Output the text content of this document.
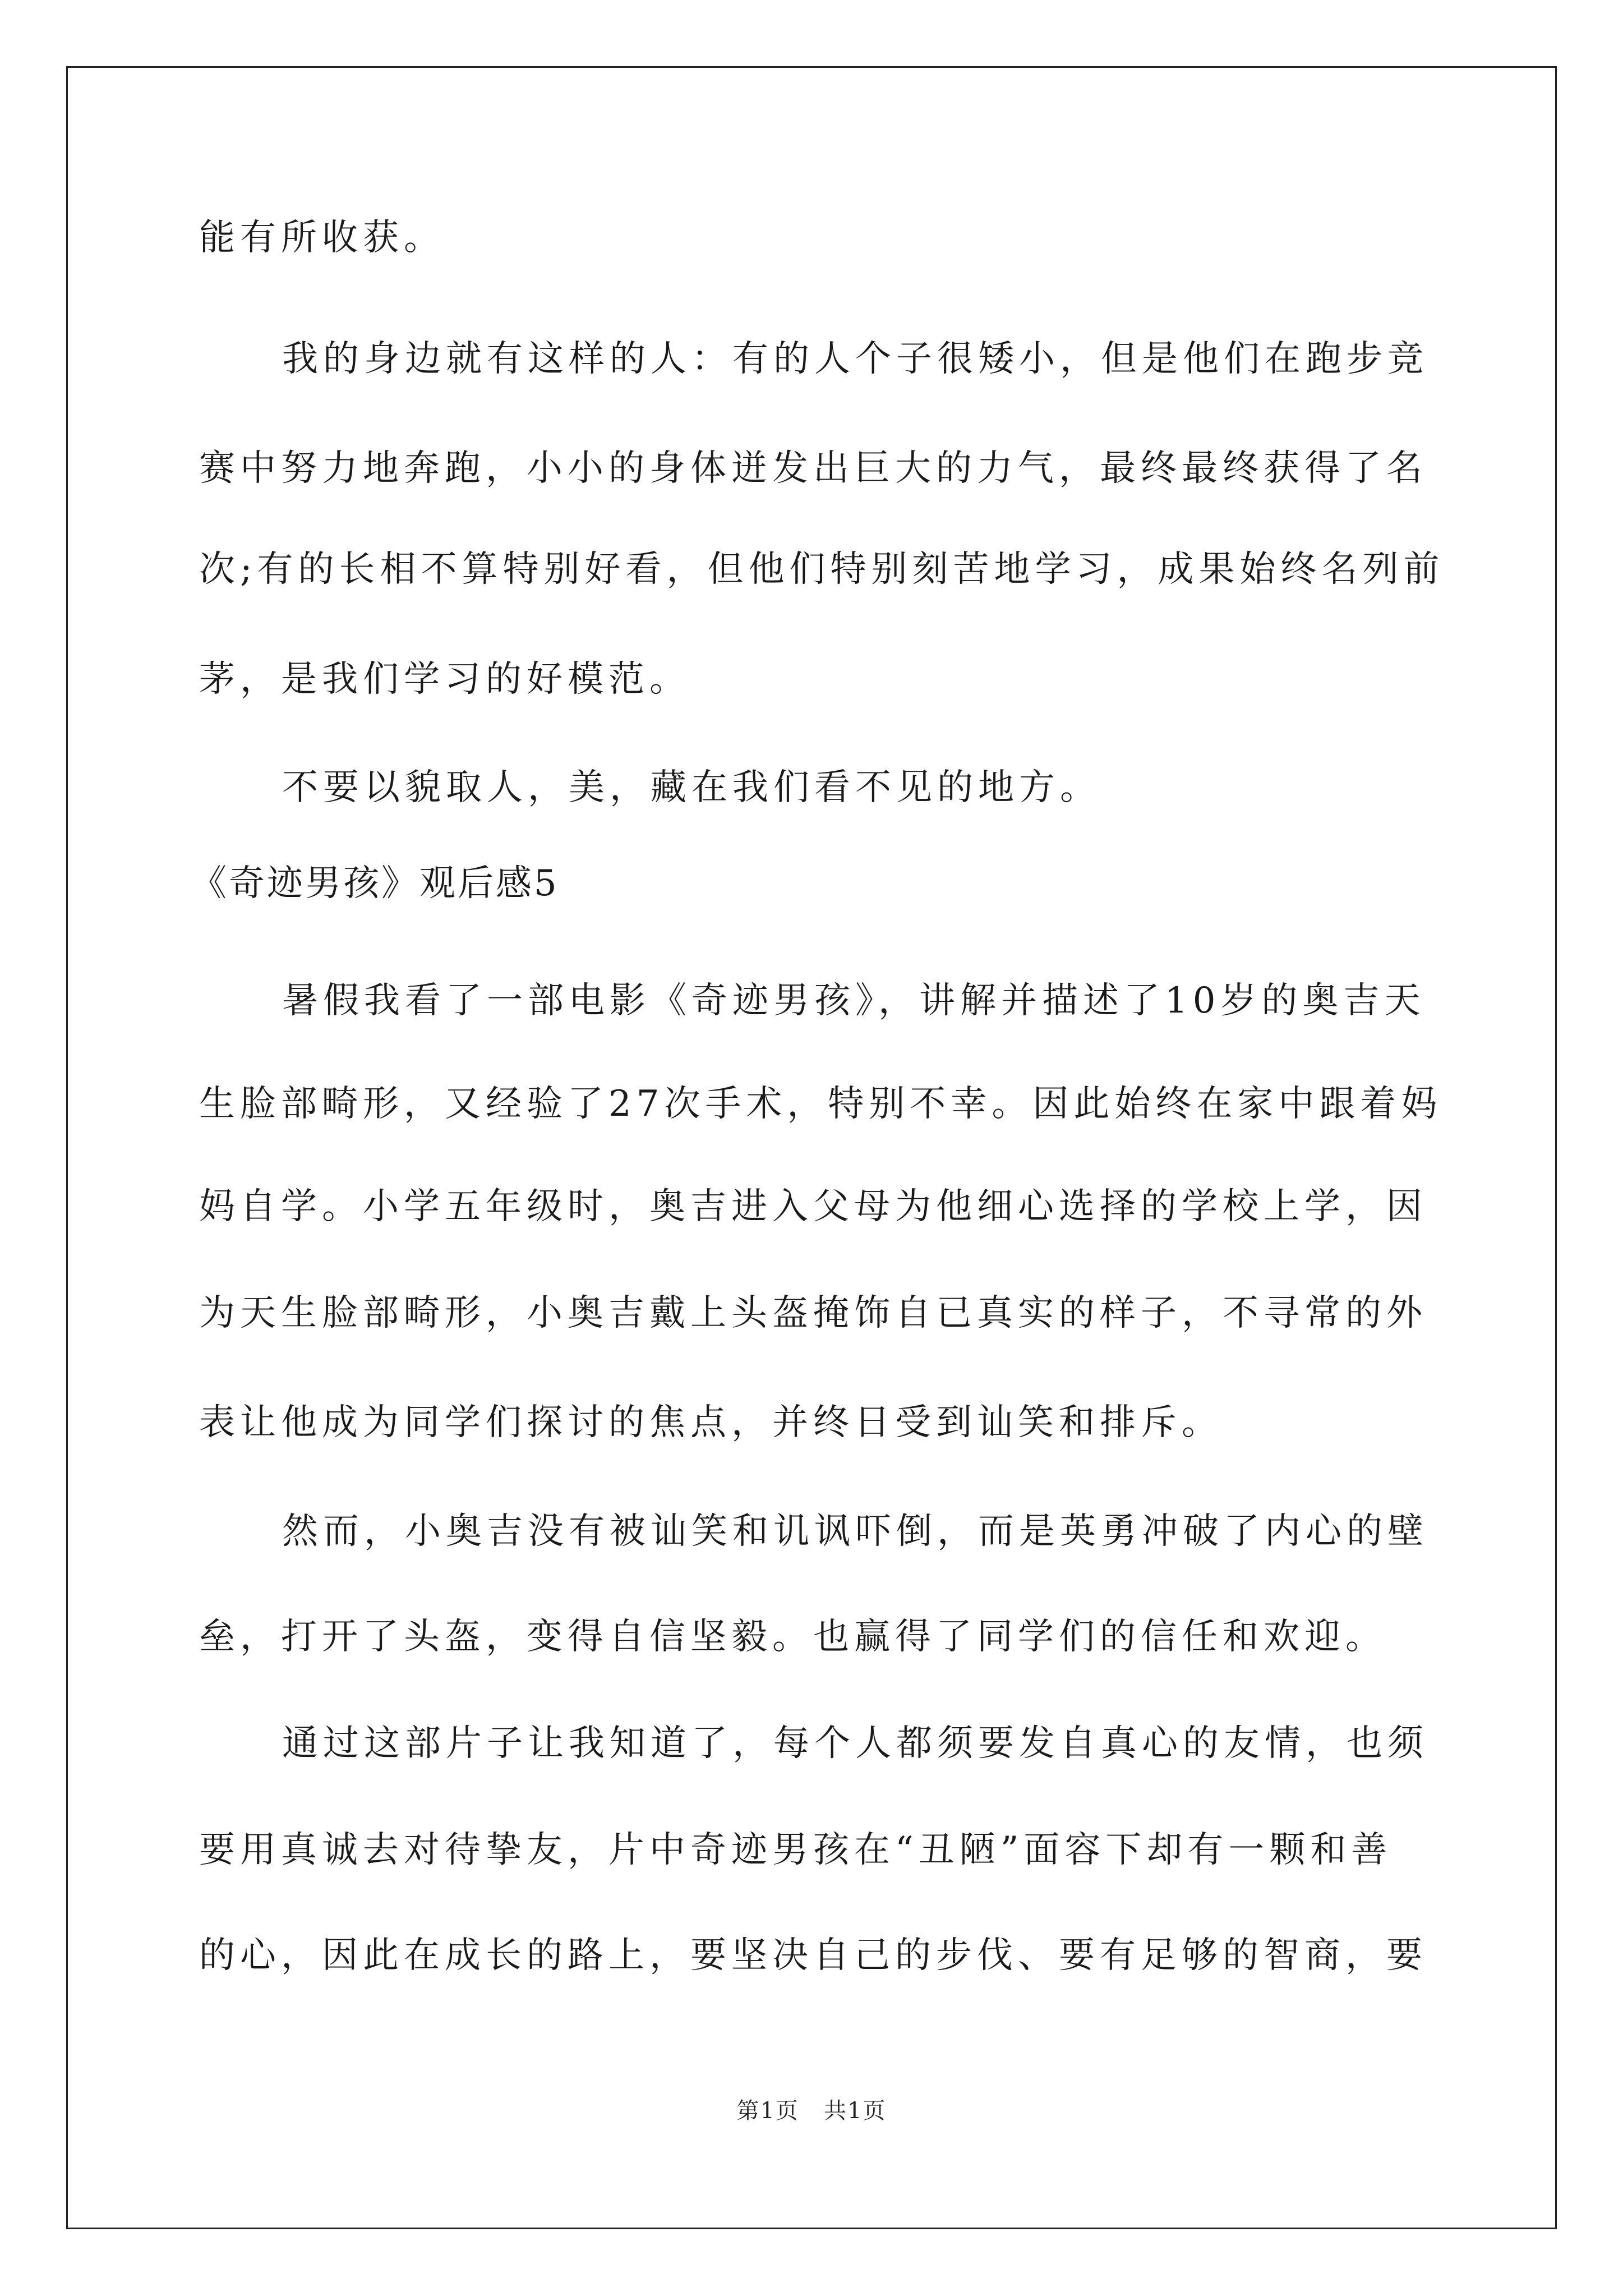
能有所收获。
我的身边就有这样的人：有的人个子很矮小，但是他们在跑步竞
赛中努力地奔跑，小小的身体迸发出巨大的力气，最终最终获得了名
次;有的长相不算特别好看，但他们特别刻苦地学习，成果始终名列前
茅，是我们学习的好模范。
不要以貌取人，美，藏在我们看不见的地方。
《奇迹男孩》观后感5
暑假我看了一部电影《奇迹男孩》，讲解并描述了10岁的奥吉天
生脸部畸形，又经验了27次手术，特别不幸。因此始终在家中跟着妈
妈自学。小学五年级时，奥吉进入父母为他细心选择的学校上学，因
为天生脸部畸形，小奥吉戴上头盔掩饰自已真实的样子，不寻常的外
表让他成为同学们探讨的焦点，并终日受到讪笑和排斥。
然而，小奥吉没有被讪笑和讥讽吓倒，而是英勇冲破了内心的壁
垒，打开了头盔，变得自信坚毅。也赢得了同学们的信任和欢迎。
通过这部片子让我知道了，每个人都须要发自真心的友情，也须
要用真诚去对待挚友，片中奇迹男孩在“丑陋”面容下却有一颗和善
的心，因此在成长的路上，要坚决自己的步伐、要有足够的智商，要
第1页   共1页
